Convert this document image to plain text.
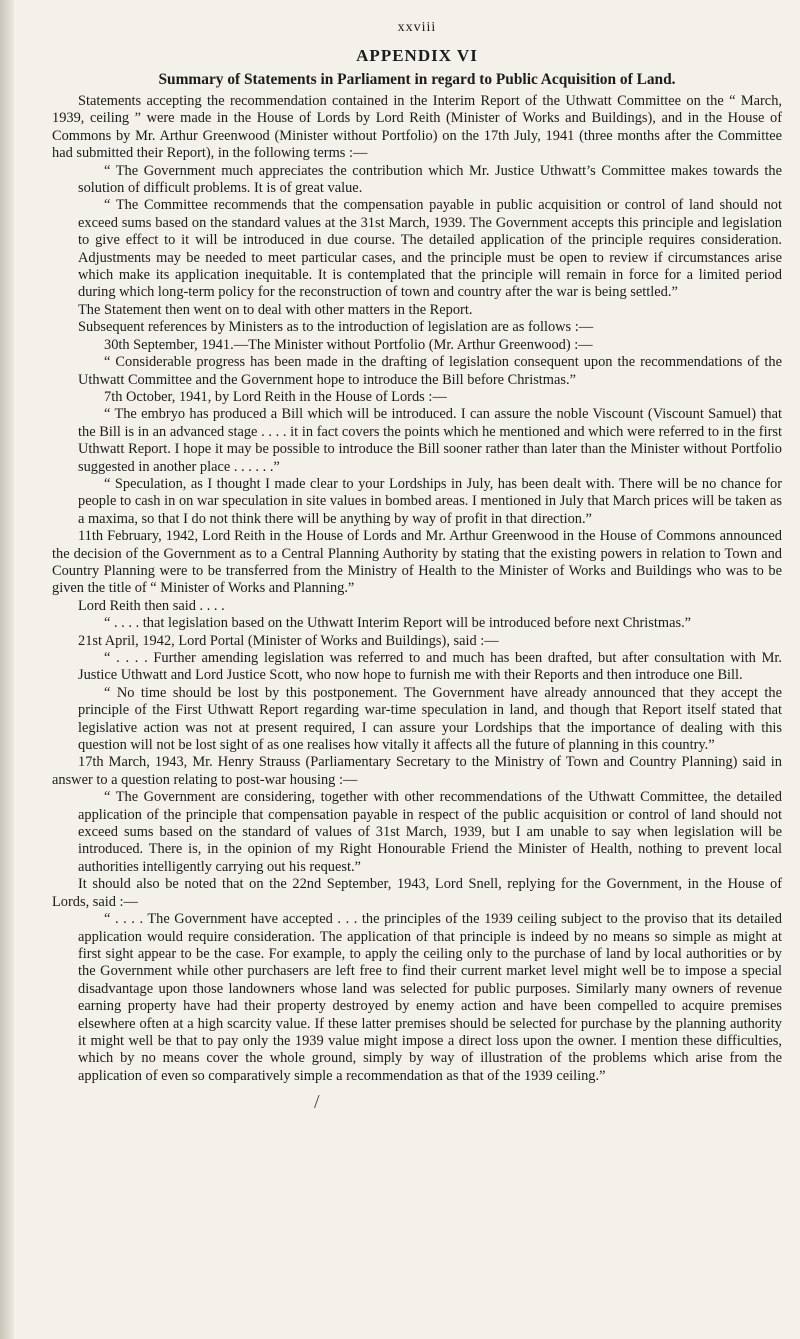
xxviii
APPENDIX VI
Summary of Statements in Parliament in regard to Public Acquisition of Land.

Statements accepting the recommendation contained in the Interim Report of the Uthwatt Committee on the “ March, 1939, ceiling ” were made in the House of Lords by Lord Reith (Minister of Works and Buildings), and in the House of Commons by Mr. Arthur Greenwood (Minister without Portfolio) on the 17th July, 1941 (three months after the Committee had submitted their Report), in the following terms :—

“ The Government much appreciates the contribution which Mr. Justice Uthwatt’s Committee makes towards the solution of difficult problems. It is of great value.

“ The Committee recommends that the compensation payable in public acquisition or control of land should not exceed sums based on the standard values at the 31st March, 1939. The Government accepts this principle and legislation to give effect to it will be introduced in due course. The detailed application of the principle requires consideration. Adjustments may be needed to meet particular cases, and the principle must be open to review if circumstances arise which make its application inequitable. It is contemplated that the principle will remain in force for a limited period during which long-term policy for the reconstruction of town and country after the war is being settled.”

The Statement then went on to deal with other matters in the Report.

Subsequent references by Ministers as to the introduction of legislation are as follows :—

30th September, 1941.—The Minister without Portfolio (Mr. Arthur Greenwood) :—

“ Considerable progress has been made in the drafting of legislation consequent upon the recommendations of the Uthwatt Committee and the Government hope to introduce the Bill before Christmas.”

7th October, 1941, by Lord Reith in the House of Lords :—

“ The embryo has produced a Bill which will be introduced. I can assure the noble Viscount (Viscount Samuel) that the Bill is in an advanced stage . . . . it in fact covers the points which he mentioned and which were referred to in the first Uthwatt Report. I hope it may be possible to introduce the Bill sooner rather than later than the Minister without Portfolio suggested in another place . . . . . .”

“ Speculation, as I thought I made clear to your Lordships in July, has been dealt with. There will be no chance for people to cash in on war speculation in site values in bombed areas. I mentioned in July that March prices will be taken as a maxima, so that I do not think there will be anything by way of profit in that direction.”

11th February, 1942, Lord Reith in the House of Lords and Mr. Arthur Greenwood in the House of Commons announced the decision of the Government as to a Central Planning Authority by stating that the existing powers in relation to Town and Country Planning were to be transferred from the Ministry of Health to the Minister of Works and Buildings who was to be given the title of “ Minister of Works and Planning.”

Lord Reith then said . . . .

“ . . . . that legislation based on the Uthwatt Interim Report will be introduced before next Christmas.”

21st April, 1942, Lord Portal (Minister of Works and Buildings), said :—

“ . . . . Further amending legislation was referred to and much has been drafted, but after consultation with Mr. Justice Uthwatt and Lord Justice Scott, who now hope to furnish me with their Reports and then introduce one Bill.

“ No time should be lost by this postponement. The Government have already announced that they accept the principle of the First Uthwatt Report regarding war-time speculation in land, and though that Report itself stated that legislative action was not at present required, I can assure your Lordships that the importance of dealing with this question will not be lost sight of as one realises how vitally it affects all the future of planning in this country.”

17th March, 1943, Mr. Henry Strauss (Parliamentary Secretary to the Ministry of Town and Country Planning) said in answer to a question relating to post-war housing :—

“ The Government are considering, together with other recommendations of the Uthwatt Committee, the detailed application of the principle that compensation payable in respect of the public acquisition or control of land should not exceed sums based on the standard of values of 31st March, 1939, but I am unable to say when legislation will be introduced. There is, in the opinion of my Right Honourable Friend the Minister of Health, nothing to prevent local authorities intelligently carrying out his request.”

It should also be noted that on the 22nd September, 1943, Lord Snell, replying for the Government, in the House of Lords, said :—

“ . . . . The Government have accepted . . . the principles of the 1939 ceiling subject to the proviso that its detailed application would require consideration. The application of that principle is indeed by no means so simple as might at first sight appear to be the case. For example, to apply the ceiling only to the purchase of land by local authorities or by the Government while other purchasers are left free to find their current market level might well be to impose a special disadvantage upon those landowners whose land was selected for public purposes. Similarly many owners of revenue earning property have had their property destroyed by enemy action and have been compelled to acquire premises elsewhere often at a high scarcity value. If these latter premises should be selected for purchase by the planning authority it might well be that to pay only the 1939 value might impose a direct loss upon the owner. I mention these difficulties, which by no means cover the whole ground, simply by way of illustration of the problems which arise from the application of even so comparatively simple a recommendation as that of the 1939 ceiling.”

/
